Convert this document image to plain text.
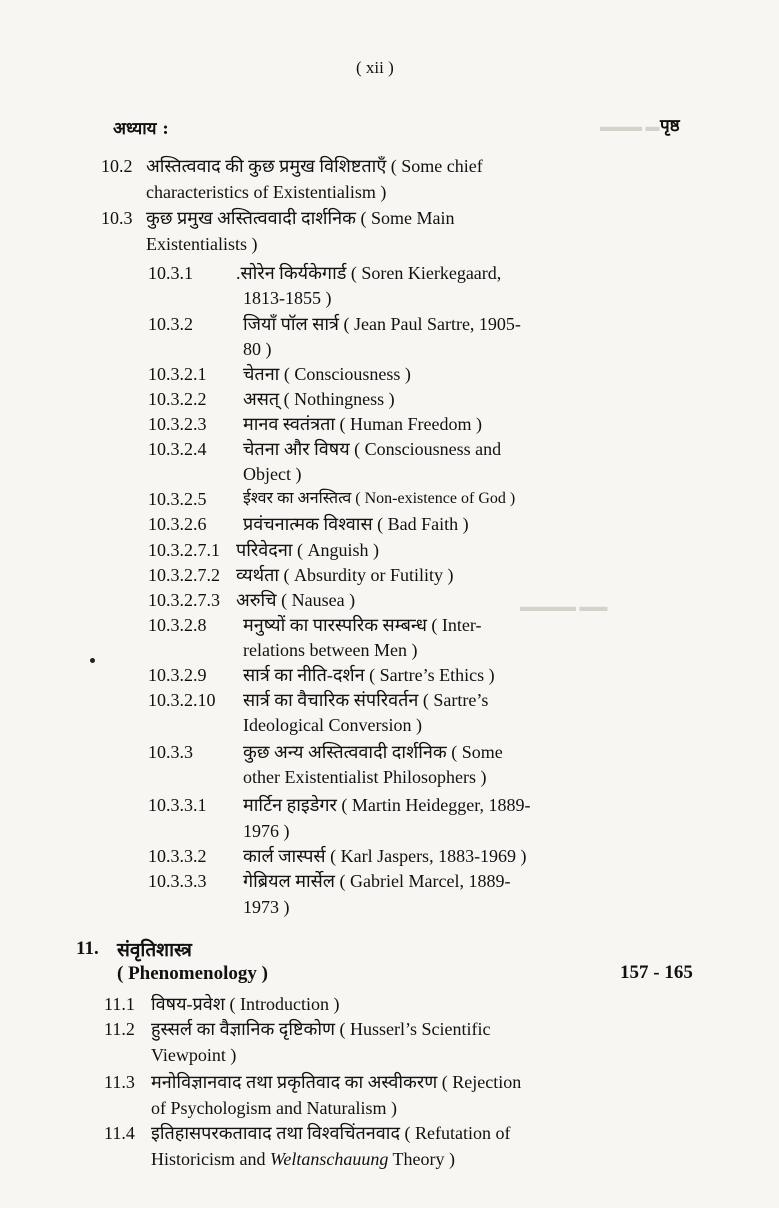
▬▬▬ ▬
▬▬▬▬ ▬▬
( xii )
अध्याय :	पृष्ठ
10.2 अस्तित्ववाद की कुछ प्रमुख विशिष्टताएँ ( Some chief
characteristics of Existentialism )
10.3 कुछ प्रमुख अस्तित्ववादी दार्शनिक ( Some Main
Existentialists )
10.3.1 .सोरेन किर्यकेगार्ड ( Soren Kierkegaard,
1813-1855 )
10.3.2	जियाँ पॉल सार्त्र ( Jean Paul Sartre, 1905-
80 )
10.3.2.1 चेतना ( Consciousness )
10.3.2.2 असत् ( Nothingness )
10.3.2.3 मानव स्वतंत्रता ( Human Freedom )
10.3.2.4 चेतना और विषय ( Consciousness and
Object )
10.3.2.5 ईश्वर का अनस्तित्व ( Non-existence of God )
10.3.2.6 प्रवंचनात्मक विश्वास ( Bad Faith )
10.3.2.7.1 परिवेदना ( Anguish )
10.3.2.7.2 व्यर्थता ( Absurdity or Futility )
10.3.2.7.3 अरुचि ( Nausea )
10.3.2.8 मनुष्यों का पारस्परिक सम्बन्ध ( Inter-
relations between Men )
10.3.2.9 सार्त्र का नीति-दर्शन ( Sartre’s Ethics )
10.3.2.10 सार्त्र का वैचारिक संपरिवर्तन ( Sartre’s
Ideological Conversion )
10.3.3	कुछ अन्य अस्तित्ववादी दार्शनिक ( Some
other Existentialist Philosophers )
10.3.3.1 मार्टिन हाइडेगर ( Martin Heidegger, 1889-
1976 )
10.3.3.2 कार्ल जास्पर्स ( Karl Jaspers, 1883-1969 )
10.3.3.3 गेब्रियल मार्सेल ( Gabriel Marcel, 1889-
1973 )
11. संवृतिशास्त्र
( Phenomenology )	157 - 165
11.1 विषय-प्रवेश ( Introduction )
11.2 हुस्सर्ल का वैज्ञानिक दृष्टिकोण ( Husserl’s Scientific
Viewpoint )
11.3 मनोविज्ञानवाद तथा प्रकृतिवाद का अस्वीकरण ( Rejection
of Psychologism and Naturalism )
11.4 इतिहासपरकतावाद तथा विश्वचिंतनवाद ( Refutation of
Historicism and Weltanschauung Theory )
